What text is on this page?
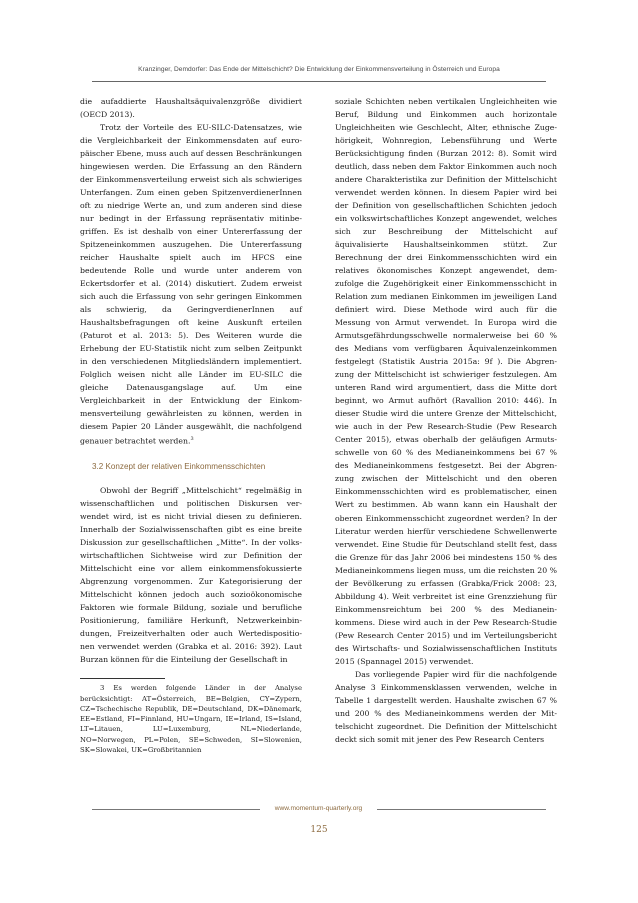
Kranzinger, Demdorfer: Das Ende der Mittelschicht? Die Entwicklung der Einkommensverteilung in Österreich und Europa

die aufaddierte Haushaltsäquivalenzgröße dividiert (OECD 2013).

Trotz der Vorteile des EU-SILC-Datensatzes, wie die Vergleichbarkeit der Einkommensdaten auf europäischer Ebene, muss auch auf dessen Beschränkungen hingewiesen werden. Die Erfassung an den Rändern der Einkommensverteilung erweist sich als schwieriges Unterfangen. Zum einen geben SpitzenverdienerInnen oft zu niedrige Werte an, und zum anderen sind diese nur bedingt in der Erfassung repräsentativ mitinbegriffen. Es ist deshalb von einer Untererfassung der Spitzeneinkommen auszugehen. Die Untererfassung reicher Haushalte spielt auch im HFCS eine bedeutende Rolle und wurde unter anderem von Eckertsdorfer et al. (2014) diskutiert. Zudem erweist sich auch die Erfassung von sehr geringen Einkommen als schwierig, da GeringverdienerInnen auf Haushaltsbefragungen oft keine Auskunft erteilen (Paturot et al. 2013: 5). Des Weiteren wurde die Erhebung der EU-Statistik nicht zum selben Zeitpunkt in den verschiedenen Mitgliedsländern implementiert. Folglich weisen nicht alle Länder im EU-SILC die gleiche Datenausgangslage auf. Um eine Vergleichbarkeit in der Entwicklung der Einkommensverteilung gewährleisten zu können, werden in diesem Papier 20 Länder ausgewählt, die nachfolgend genauer betrachtet werden.$^3$

3.2 Konzept der relativen Einkommensschichten

Obwohl der Begriff „Mittelschicht“ regelmäßig in wissenschaftlichen und politischen Diskursen verwendet wird, ist es nicht trivial diesen zu definieren. Innerhalb der Sozialwissenschaften gibt es eine breite Diskussion zur gesellschaftlichen „Mitte“. In der volkswirtschaftlichen Sichtweise wird zur Definition der Mittelschicht eine vor allem einkommensfokussierte Abgrenzung vorgenommen. Zur Kategorisierung der Mittelschicht können jedoch auch sozioökonomische Faktoren wie formale Bildung, soziale und berufliche Positionierung, familiäre Herkunft, Netzwerkeinbindungen, Freizeitverhalten oder auch Wertedispositionen verwendet werden (Grabka et al. 2016: 392). Laut Burzan können für die Einteilung der Gesellschaft in

3 Es werden folgende Länder in der Analyse berücksichtigt: AT=Österreich, BE=Belgien, CY=Zypern, CZ=Tschechische Republik, DE=Deutschland, DK=Dänemark, EE=Estland, FI=Finnland, HU=Ungarn, IE=Irland, IS=Island, LT=Litauen, LU=Luxemburg, NL=Niederlande, NO=Norwegen, PL=Polen, SE=Schweden, SI=Slowenien, SK=Slowakei, UK=Großbritannien

soziale Schichten neben vertikalen Ungleichheiten wie Beruf, Bildung und Einkommen auch horizontale Ungleichheiten wie Geschlecht, Alter, ethnische Zugehörigkeit, Wohnregion, Lebensführung und Werte Berücksichtigung finden (Burzan 2012: 8). Somit wird deutlich, dass neben dem Faktor Einkommen auch noch andere Charakteristika zur Definition der Mittelschicht verwendet werden können. In diesem Papier wird bei der Definition von gesellschaftlichen Schichten jedoch ein volkswirtschaftliches Konzept angewendet, welches sich zur Beschreibung der Mittelschicht auf äquivalisierte Haushaltseinkommen stützt. Zur Berechnung der drei Einkommensschichten wird ein relatives ökonomisches Konzept angewendet, demzufolge die Zugehörigkeit einer Einkommensschicht in Relation zum medianen Einkommen im jeweiligen Land definiert wird. Diese Methode wird auch für die Messung von Armut verwendet. In Europa wird die Armutsgefährdungsschwelle normalerweise bei 60 % des Medians vom verfügbaren Äquivalenzeinkommen festgelegt (Statistik Austria 2015a: 9f ). Die Abgrenzung der Mittelschicht ist schwieriger festzulegen. Am unteren Rand wird argumentiert, dass die Mitte dort beginnt, wo Armut aufhört (Ravallion 2010: 446). In dieser Studie wird die untere Grenze der Mittelschicht, wie auch in der Pew Research-Studie (Pew Research Center 2015), etwas oberhalb der geläufigen Armutsschwelle von 60 % des Medianeinkommens bei 67 % des Medianeinkommens festgesetzt. Bei der Abgrenzung zwischen der Mittelschicht und den oberen Einkommensschichten wird es problematischer, einen Wert zu bestimmen. Ab wann kann ein Haushalt der oberen Einkommensschicht zugeordnet werden? In der Literatur werden hierfür verschiedene Schwellenwerte verwendet. Eine Studie für Deutschland stellt fest, dass die Grenze für das Jahr 2006 bei mindestens 150 % des Medianeinkommens liegen muss, um die reichsten 20 % der Bevölkerung zu erfassen (Grabka/Frick 2008: 23, Abbildung 4). Weit verbreitet ist eine Grenzziehung für Einkommensreichtum bei 200 % des Medianeinkommens. Diese wird auch in der Pew Research-Studie (Pew Research Center 2015) und im Verteilungsbericht des Wirtschafts- und Sozialwissenschaftlichen Instituts 2015 (Spannagel 2015) verwendet.

Das vorliegende Papier wird für die nachfolgende Analyse 3 Einkommensklassen verwenden, welche in Tabelle 1 dargestellt werden. Haushalte zwischen 67 % und 200 % des Medianeinkommens werden der Mittelschicht zugeordnet. Die Definition der Mittelschicht deckt sich somit mit jener des Pew Research Centers

www.momentum-quarterly.org
125
